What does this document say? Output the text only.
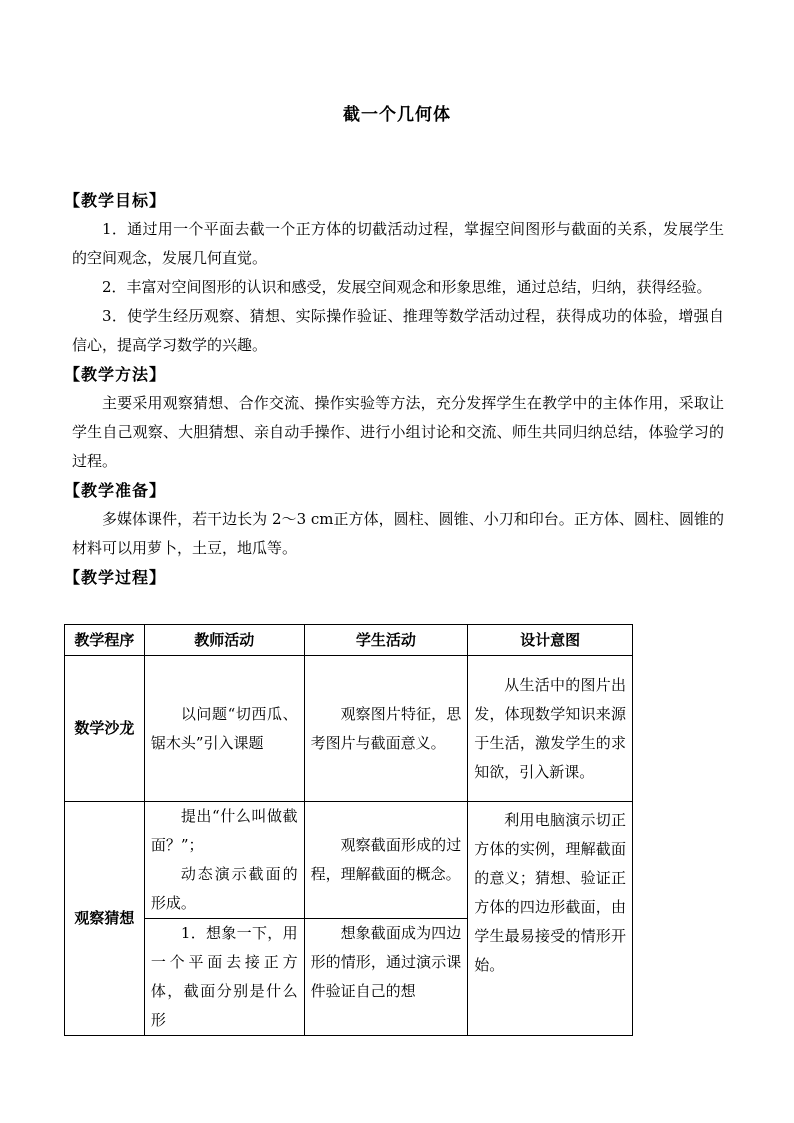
截一个几何体
【教学目标】
1．通过用一个平面去截一个正方体的切截活动过程，掌握空间图形与截面的关系，发展学生的空间观念，发展几何直觉。
2．丰富对空间图形的认识和感受，发展空间观念和形象思维，通过总结，归纳，获得经验。
3．使学生经历观察、猜想、实际操作验证、推理等数学活动过程，获得成功的体验，增强自信心，提高学习数学的兴趣。
【教学方法】
主要采用观察猜想、合作交流、操作实验等方法，充分发挥学生在教学中的主体作用，采取让学生自己观察、大胆猜想、亲自动手操作、进行小组讨论和交流、师生共同归纳总结，体验学习的过程。
【教学准备】
多媒体课件，若干边长为 2～3 cm正方体，圆柱、圆锥、小刀和印台。正方体、圆柱、圆锥的材料可以用萝卜，土豆，地瓜等。
【教学过程】
教学程序	教师活动	学生活动	设计意图
数学沙龙	以问题“切西瓜、锯木头”引入课题	观察图片特征，思考图片与截面意义。	从生活中的图片出发，体现数学知识来源于生活，激发学生的求知欲，引入新课。

观察猜想	提出“什么叫做截面？”；
动态演示截面的形成。	观察截面形成的过程，理解截面的概念。	利用电脑演示切正方体的实例，理解截面的意义；猜想、验证正方体的四边形截面，由学生最易接受的情形开始。

	1．想象一下，用一个平面去接正方体，截面分别是什么形	想象截面成为四边形的情形，通过演示课件验证自己的想	
